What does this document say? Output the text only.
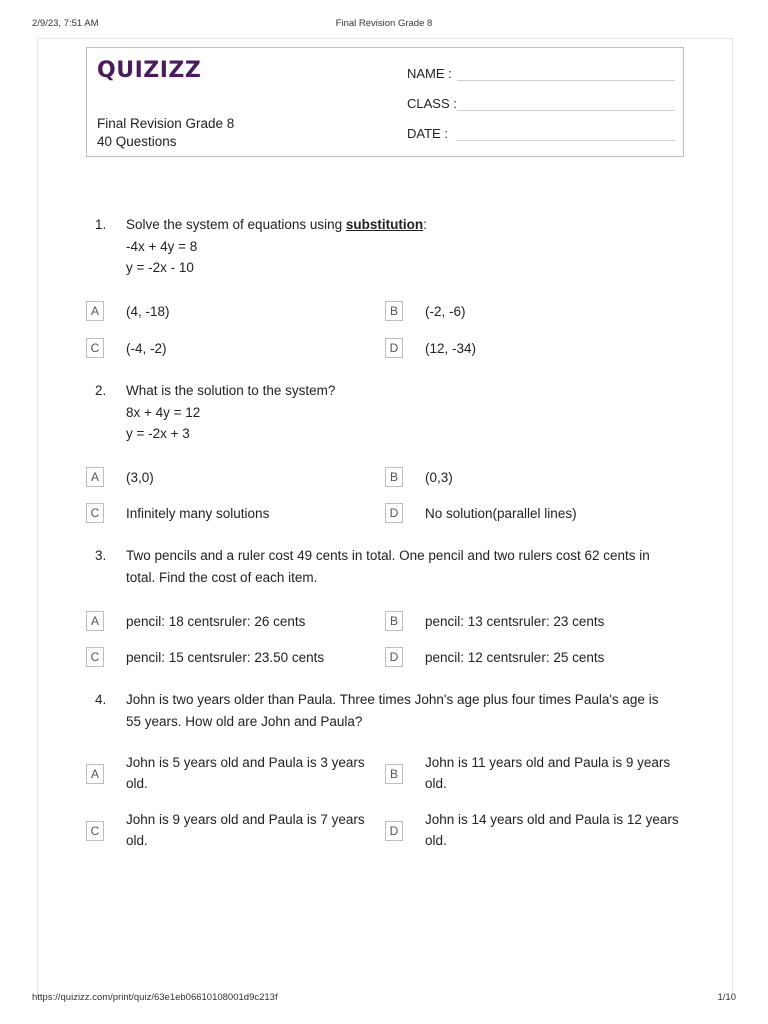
2/9/23, 7:51 AM	Final Revision Grade 8
QUIZIZZ
Final Revision Grade 8
40 Questions
NAME :
CLASS :
DATE :
1. Solve the system of equations using substitution:
-4x + 4y = 8
y = -2x - 10
A	(4, -18)	B	(-2, -6)
C	(-4, -2)	D	(12, -34)
2. What is the solution to the system?
8x + 4y = 12
y = -2x + 3
A	(3,0)	B	(0,3)
C	Infinitely many solutions	D	No solution(parallel lines)
3. Two pencils and a ruler cost 49 cents in total. One pencil and two rulers cost 62 cents in
total. Find the cost of each item.
A	pencil: 18 centsruler: 26 cents	B	pencil: 13 centsruler: 23 cents
C	pencil: 15 centsruler: 23.50 cents	D	pencil: 12 centsruler: 25 cents
4. John is two years older than Paula. Three times John's age plus four times Paula's age is
55 years. How old are John and Paula?
A
John is 5 years old and Paula is 3 years old.
B
John is 11 years old and Paula is 9 years old.
C
John is 9 years old and Paula is 7 years old.
D
John is 14 years old and Paula is 12 years old.
https://quizizz.com/print/quiz/63e1eb06610108001d9c213f	1/10
